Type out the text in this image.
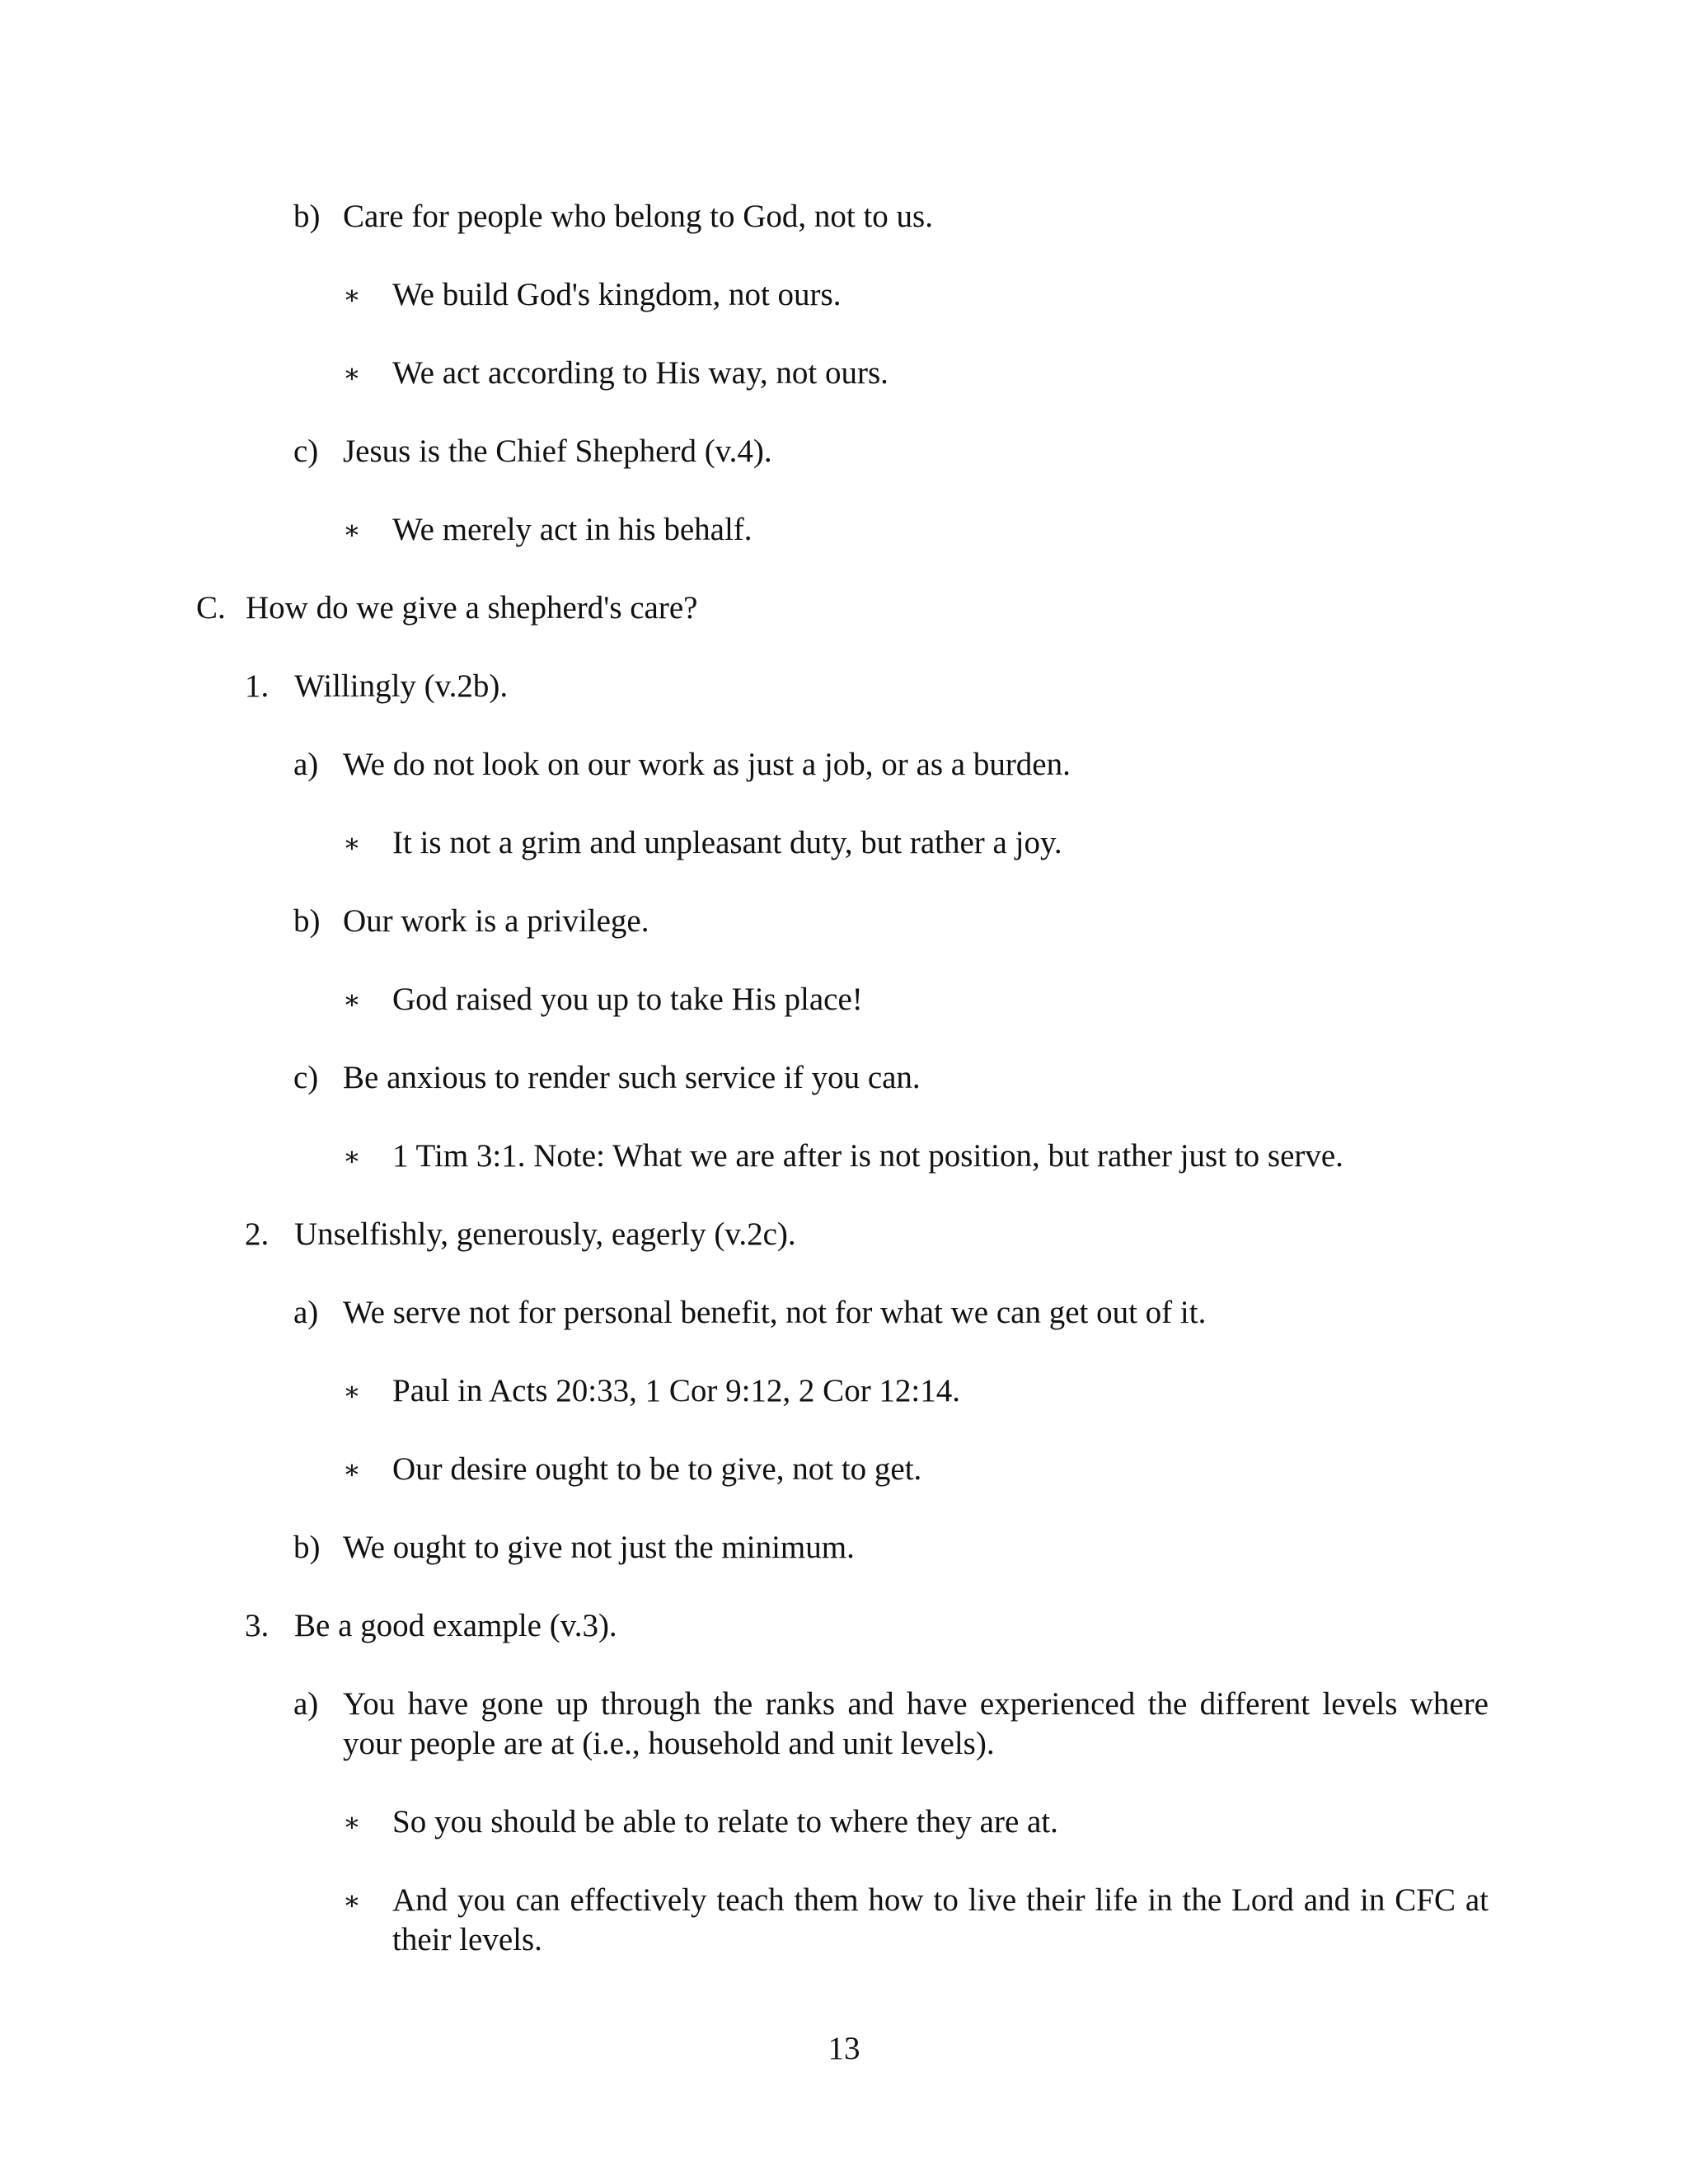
b) Care for people who belong to God, not to us.
∗ We build God's kingdom, not ours.
∗ We act according to His way, not ours.
c) Jesus is the Chief Shepherd (v.4).
∗ We merely act in his behalf.
C. How do we give a shepherd's care?
1. Willingly (v.2b).
a) We do not look on our work as just a job, or as a burden.
∗ It is not a grim and unpleasant duty, but rather a joy.
b) Our work is a privilege.
∗ God raised you up to take His place!
c) Be anxious to render such service if you can.
∗ 1 Tim 3:1. Note: What we are after is not position, but rather just to serve.
2. Unselfishly, generously, eagerly (v.2c).
a) We serve not for personal benefit, not for what we can get out of it.
∗ Paul in Acts 20:33, 1 Cor 9:12, 2 Cor 12:14.
∗ Our desire ought to be to give, not to get.
b) We ought to give not just the minimum.
3. Be a good example (v.3).
a) You have gone up through the ranks and have experienced the different levels where your people are at (i.e., household and unit levels).
∗ So you should be able to relate to where they are at.
∗ And you can effectively teach them how to live their life in the Lord and in CFC at their levels.
13
